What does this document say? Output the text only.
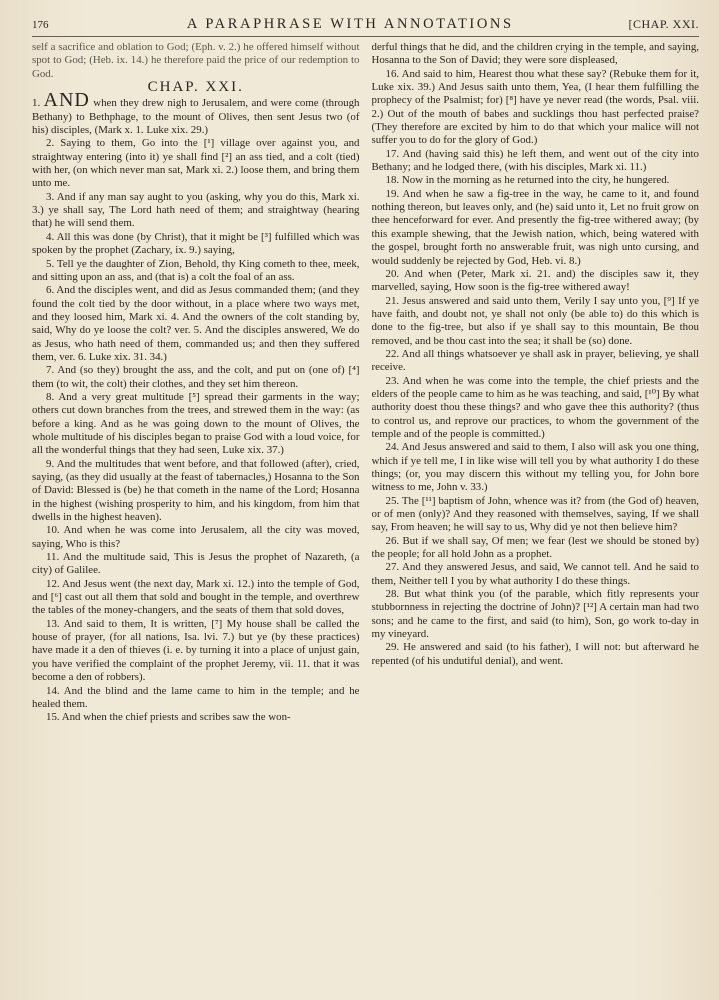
176	A PARAPHRASE WITH ANNOTATIONS	[CHAP. XXI.

self a sacrifice and oblation to God; (Eph. v. 2.) he offered himself without spot to God; (Heb. ix. 14.) he therefore paid the price of our redemption to God.

CHAP. XXI.

1. AND when they drew nigh to Jerusalem, and were come (through Bethany) to Bethphage, to the mount of Olives, then sent Jesus two (of his) disciples, (Mark x. 1. Luke xix. 29.)

2. Saying to them, Go into the [¹] village over against you, and straightway entering (into it) ye shall find [²] an ass tied, and a colt (tied) with her, (on which never man sat, Mark xi. 2.) loose them, and bring them unto me.

3. And if any man say aught to you (asking, why you do this, Mark xi. 3.) ye shall say, The Lord hath need of them; and straightway (hearing that) he will send them.

4. All this was done (by Christ), that it might be [³] fulfilled which was spoken by the prophet (Zachary, ix. 9.) saying,

5. Tell ye the daughter of Zion, Behold, thy King cometh to thee, meek, and sitting upon an ass, and (that is) a colt the foal of an ass.

6. And the disciples went, and did as Jesus commanded them; (and they found the colt tied by the door without, in a place where two ways met, and they loosed him, Mark xi. 4. And the owners of the colt standing by, said, Why do ye loose the colt? ver. 5. And the disciples answered, We do as Jesus, who hath need of them, commanded us; and then they suffered them, ver. 6. Luke xix. 31. 34.)

7. And (so they) brought the ass, and the colt, and put on (one of) [⁴] them (to wit, the colt) their clothes, and they set him thereon.

8. And a very great multitude [⁵] spread their garments in the way; others cut down branches from the trees, and strewed them in the way: (as before a king. And as he was going down to the mount of Olives, the whole multitude of his disciples began to praise God with a loud voice, for all the wonderful things that they had seen, Luke xix. 37.)

9. And the multitudes that went before, and that followed (after), cried, saying, (as they did usually at the feast of tabernacles,) Hosanna to the Son of David: Blessed is (be) he that cometh in the name of the Lord; Hosanna in the highest (wishing prosperity to him, and his kingdom, from him that dwells in the highest heaven).

10. And when he was come into Jerusalem, all the city was moved, saying, Who is this?

11. And the multitude said, This is Jesus the prophet of Nazareth, (a city) of Galilee.

12. And Jesus went (the next day, Mark xi. 12.) into the temple of God, and [⁶] cast out all them that sold and bought in the temple, and overthrew the tables of the money-changers, and the seats of them that sold doves,

13. And said to them, It is written, [⁷] My house shall be called the house of prayer, (for all nations, Isa. lvi. 7.) but ye (by these practices) have made it a den of thieves (i. e. by turning it into a place of unjust gain, you have verified the complaint of the prophet Jeremy, vii. 11. that it was become a den of robbers).

14. And the blind and the lame came to him in the temple; and he healed them.

15. And when the chief priests and scribes saw the won-

derful things that he did, and the children crying in the temple, and saying, Hosanna to the Son of David; they were sore displeased,

16. And said to him, Hearest thou what these say? (Rebuke them for it, Luke xix. 39.) And Jesus saith unto them, Yea, (I hear them fulfilling the prophecy of the Psalmist; for) [⁸] have ye never read (the words, Psal. viii. 2.) Out of the mouth of babes and sucklings thou hast perfected praise? (They therefore are excited by him to do that which your malice will not suffer you to do for the glory of God.)

17. And (having said this) he left them, and went out of the city into Bethany; and he lodged there, (with his disciples, Mark xi. 11.)

18. Now in the morning as he returned into the city, he hungered.

19. And when he saw a fig-tree in the way, he came to it, and found nothing thereon, but leaves only, and (he) said unto it, Let no fruit grow on thee henceforward for ever. And presently the fig-tree withered away; (by this example shewing, that the Jewish nation, which, being watered with the gospel, brought forth no answerable fruit, was nigh unto cursing, and would suddenly be rejected by God, Heb. vi. 8.)

20. And when (Peter, Mark xi. 21. and) the disciples saw it, they marvelled, saying, How soon is the fig-tree withered away!

21. Jesus answered and said unto them, Verily I say unto you, [⁹] If ye have faith, and doubt not, ye shall not only (be able to) do this which is done to the fig-tree, but also if ye shall say to this mountain, Be thou removed, and be thou cast into the sea; it shall be (so) done.

22. And all things whatsoever ye shall ask in prayer, believing, ye shall receive.

23. And when he was come into the temple, the chief priests and the elders of the people came to him as he was teaching, and said, [¹⁰] By what authority doest thou these things? and who gave thee this authority? (thus to control us, and reprove our practices, to whom the government of the temple and of the people is committed.)

24. And Jesus answered and said to them, I also will ask you one thing, which if ye tell me, I in like wise will tell you by what authority I do these things; (or, you may discern this without my telling you, for John bore witness to me, John v. 33.)

25. The [¹¹] baptism of John, whence was it? from (the God of) heaven, or of men (only)? And they reasoned with themselves, saying, If we shall say, From heaven; he will say to us, Why did ye not then believe him?

26. But if we shall say, Of men; we fear (lest we should be stoned by) the people; for all hold John as a prophet.

27. And they answered Jesus, and said, We cannot tell. And he said to them, Neither tell I you by what authority I do these things.

28. But what think you (of the parable, which fitly represents your stubbornness in rejecting the doctrine of John)? [¹²] A certain man had two sons; and he came to the first, and said (to him), Son, go work to-day in my vineyard.

29. He answered and said (to his father), I will not: but afterward he repented (of his undutiful denial), and went.
